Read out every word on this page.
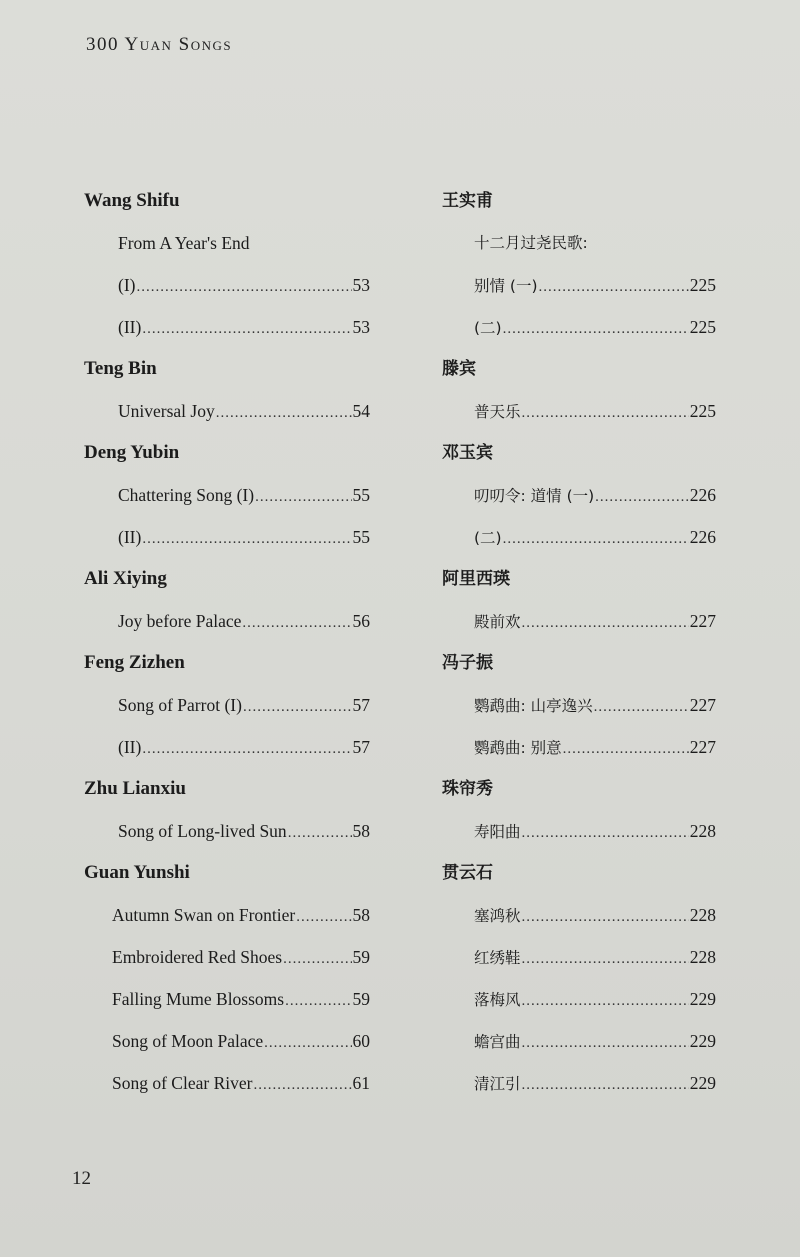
300 Yuan Songs
Wang Shifu
From A Year's End
(I) .....	53
(II) .....	53
Teng Bin
Universal Joy .....	54
Deng Yubin
Chattering Song (I) .....	55
(II) .....	55
Ali Xiying
Joy before Palace .....	56
Feng Zizhen
Song of Parrot (I) .....	57
(II) .....	57
Zhu Lianxiu
Song of Long-lived Sun .....	58
Guan Yunshi
Autumn Swan on Frontier .....	58
Embroidered Red Shoes .....	59
Falling Mume Blossoms .....	59
Song of Moon Palace .....	60
Song of Clear River .....	61
王实甫
十二月过尧民歌:
别情 (一) .....	225
(二) .....	225
滕宾
普天乐 .....	225
邓玉宾
叨叨令: 道情 (一) .....	226
(二) .....	226
阿里西瑛
殿前欢 .....	227
冯子振
鹦鹉曲: 山亭逸兴 .....	227
鹦鹉曲: 别意 .....	227
珠帘秀
寿阳曲 .....	228
贯云石
塞鸿秋 .....	228
红绣鞋 .....	228
落梅风 .....	229
蟾宫曲 .....	229
清江引 .....	229
12
